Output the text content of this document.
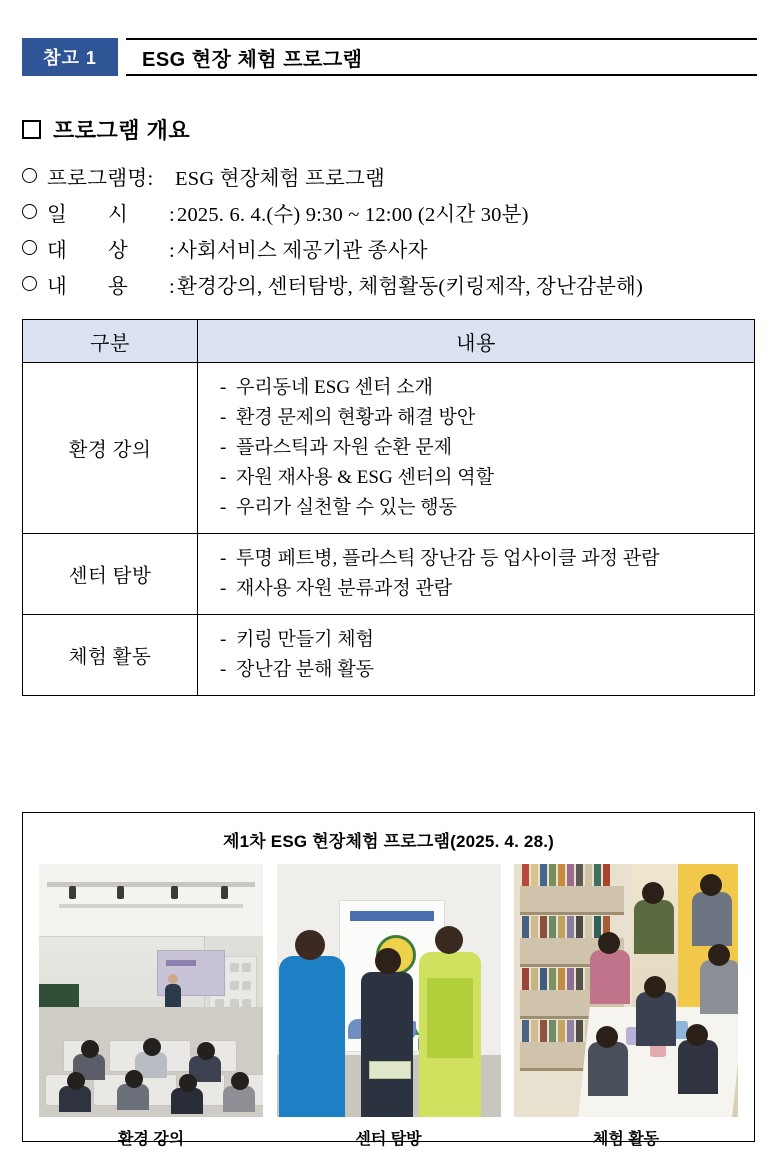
참고 1	ESG 현장 체험 프로그램
프로그램 개요
프로그램명:	ESG 현장체험 프로그램
일 시 : 2025. 6. 4.(수) 9:30 ~ 12:00 (2시간 30분)
대 상 : 사회서비스 제공기관 종사자
내 용 : 환경강의, 센터탐방, 체험활동(키링제작, 장난감분해)
구분	내용
환경 강의	- 우리동네 ESG 센터 소개
- 환경 문제의 현황과 해결 방안
- 플라스틱과 자원 순환 문제
- 자원 재사용 & ESG 센터의 역할
- 우리가 실천할 수 있는 행동

센터 탐방	- 투명 페트병, 플라스틱 장난감 등 업사이클 과정 관람
- 재사용 자원 분류과정 관람

체험 활동	- 키링 만들기 체험
- 장난감 분해 활동
제1차 ESG 현장체험 프로그램(2025. 4. 28.)
환경 강의	센터 탐방	체험 활동
